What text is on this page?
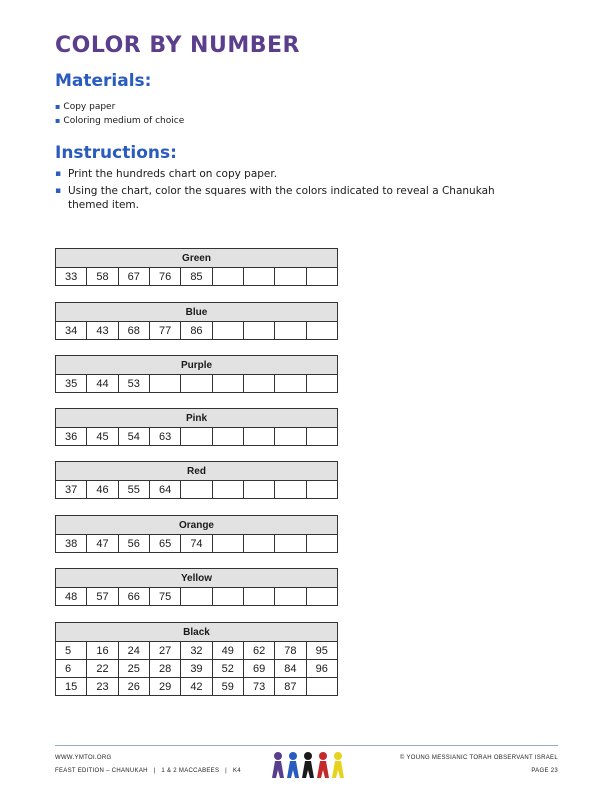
COLOR BY NUMBER
Materials:
▪ Copy paper
▪ Coloring medium of choice
Instructions:
▪ Print the hundreds chart on copy paper.
▪ Using the chart, color the squares with the colors indicated to reveal a Chanukah themed item.
Green
33	58	67	76	85				
Blue
34	43	68	77	86				
Purple
35	44	53						
Pink
36	45	54	63					
Red
37	46	55	64					
Orange
38	47	56	65	74				
Yellow
48	57	66	75					
Black								
5	16	24	27	32	49	62	78	95
6	22	25	28	39	52	69	84	96
15	23	26	29	42	59	73	87	
WWW.YMTOI.ORG
FEAST EDITION – CHANUKAH   |   1 & 2 MACCABEES   |   K4
© YOUNG MESSIANIC TORAH OBSERVANT ISRAEL
PAGE 23
